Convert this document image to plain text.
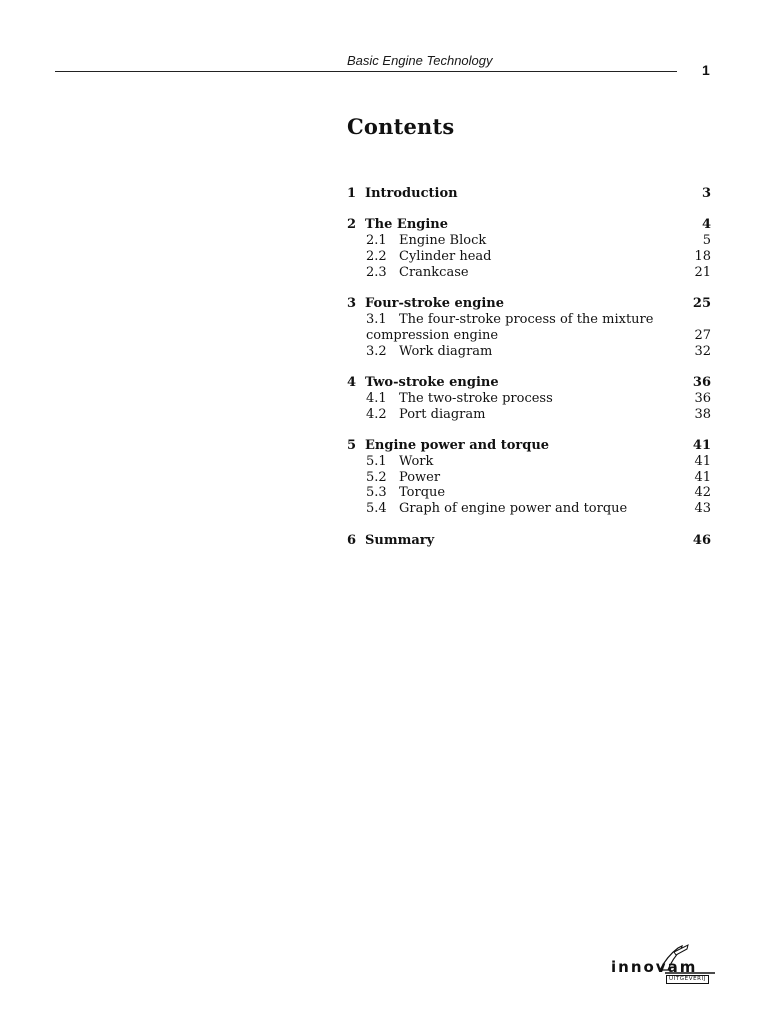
Basic Engine Technology
1
Contents
1 Introduction	3
2 The Engine	4
2.1 Engine Block	5
2.2 Cylinder head	18
2.3 Crankcase	21
3 Four-stroke engine	25
3.1 The four-stroke process of the mixture
compression engine	27
3.2 Work diagram	32
4 Two-stroke engine	36
4.1 The two-stroke process	36
4.2 Port diagram	38
5 Engine power and torque	41
5.1 Work	41
5.2 Power	41
5.3 Torque	42
5.4 Graph of engine power and torque	43
6 Summary	46
innovam
UITGEVERIJ
